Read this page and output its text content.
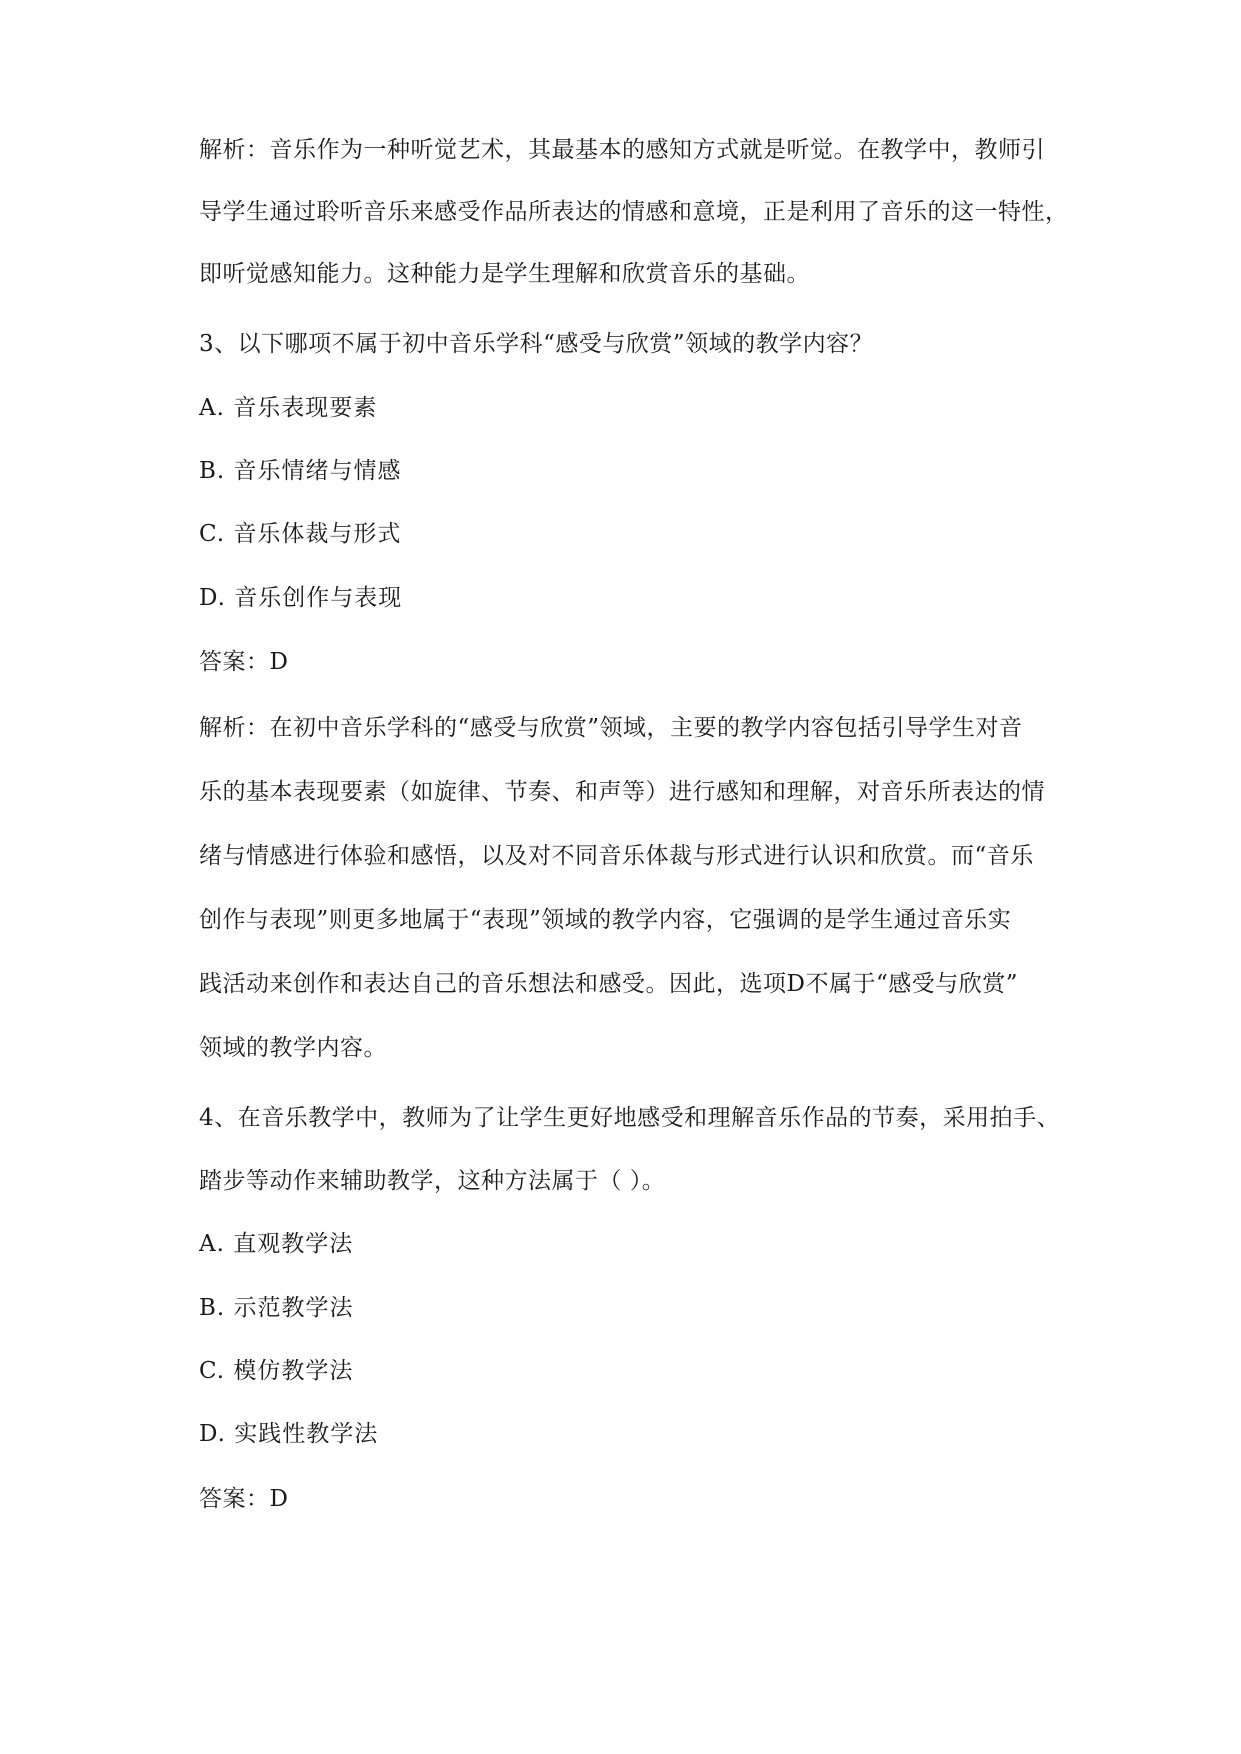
解析：音乐作为一种听觉艺术，其最基本的感知方式就是听觉。在教学中，教师引
导学生通过聆听音乐来感受作品所表达的情感和意境，正是利用了音乐的这一特性，
即听觉感知能力。这种能力是学生理解和欣赏音乐的基础。
3、以下哪项不属于初中音乐学科“感受与欣赏”领域的教学内容？
A. 音乐表现要素
B. 音乐情绪与情感
C. 音乐体裁与形式
D. 音乐创作与表现
答案：D
解析：在初中音乐学科的“感受与欣赏”领域，主要的教学内容包括引导学生对音
乐的基本表现要素（如旋律、节奏、和声等）进行感知和理解，对音乐所表达的情
绪与情感进行体验和感悟，以及对不同音乐体裁与形式进行认识和欣赏。而“音乐
创作与表现”则更多地属于“表现”领域的教学内容，它强调的是学生通过音乐实
践活动来创作和表达自己的音乐想法和感受。因此，选项D不属于“感受与欣赏”
领域的教学内容。
4、在音乐教学中，教师为了让学生更好地感受和理解音乐作品的节奏，采用拍手、
踏步等动作来辅助教学，这种方法属于（ ）。
A. 直观教学法
B. 示范教学法
C. 模仿教学法
D. 实践性教学法
答案：D
